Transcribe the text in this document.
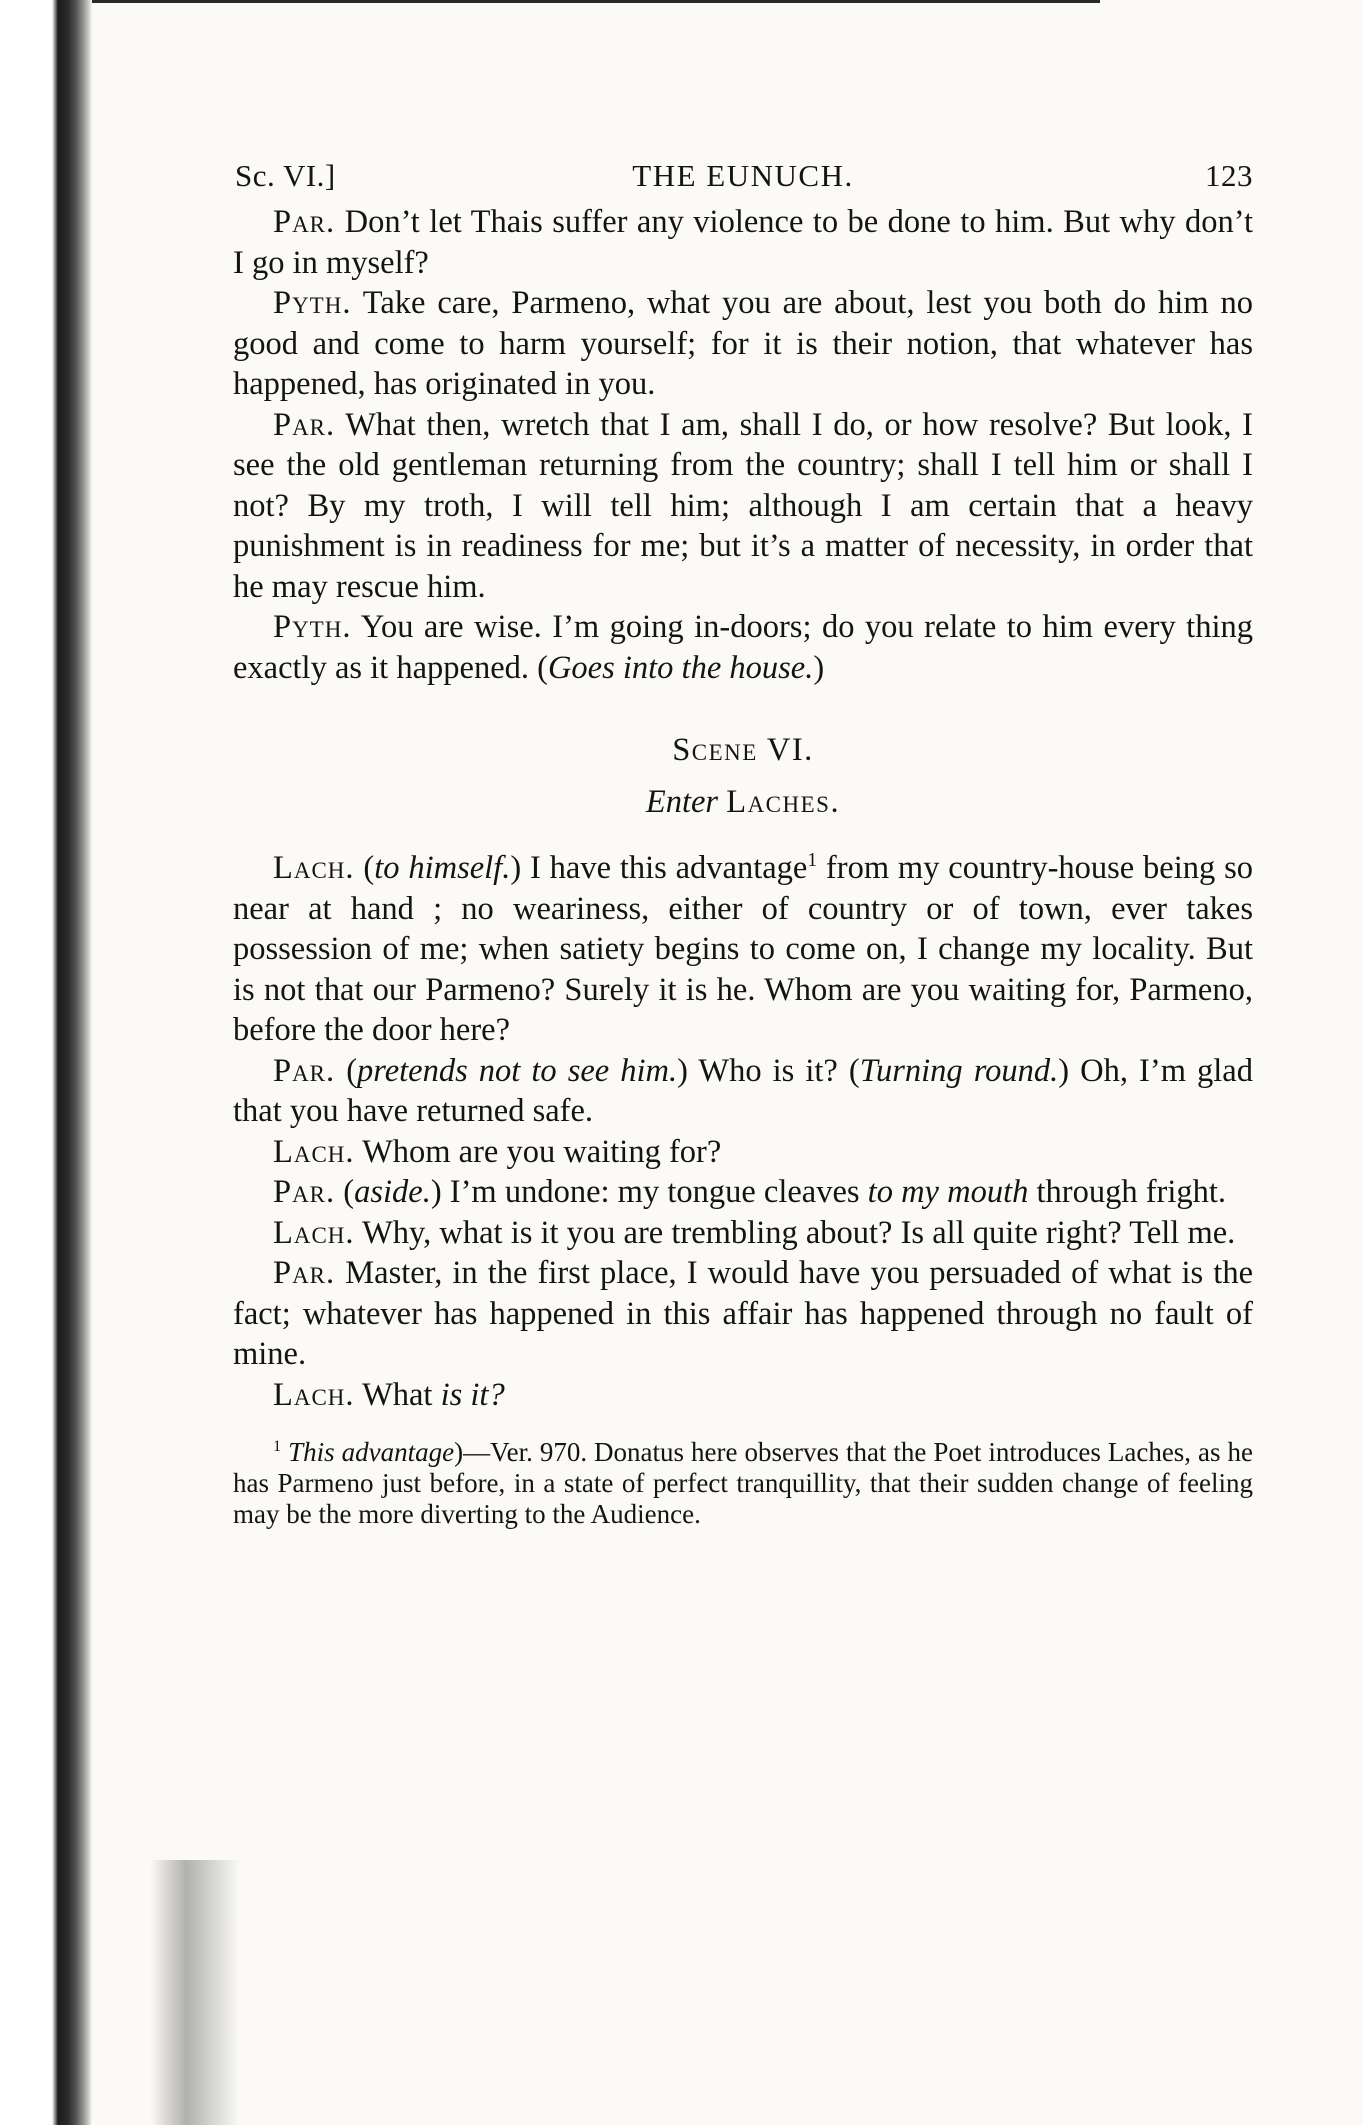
Sc. VI.]	THE EUNUCH.	123

Par. Don’t let Thais suffer any violence to be done to him. But why don’t I go in myself?

Pyth. Take care, Parmeno, what you are about, lest you both do him no good and come to harm yourself; for it is their notion, that whatever has happened, has originated in you.

Par. What then, wretch that I am, shall I do, or how resolve? But look, I see the old gentleman returning from the country; shall I tell him or shall I not? By my troth, I will tell him; although I am certain that a heavy punishment is in readiness for me; but it’s a matter of necessity, in order that he may rescue him.

Pyth. You are wise. I’m going in-doors; do you relate to him every thing exactly as it happened. (Goes into the house.)

Scene VI.
Enter Laches.

Lach. (to himself.) I have this advantage$^1$ from my country-house being so near at hand ; no weariness, either of country or of town, ever takes possession of me; when satiety begins to come on, I change my locality. But is not that our Parmeno? Surely it is he. Whom are you waiting for, Parmeno, before the door here?

Par. (pretends not to see him.) Who is it? (Turning round.) Oh, I’m glad that you have returned safe.

Lach. Whom are you waiting for?

Par. (aside.) I’m undone: my tongue cleaves to my mouth through fright.

Lach. Why, what is it you are trembling about? Is all quite right? Tell me.

Par. Master, in the first place, I would have you persuaded of what is the fact; whatever has happened in this affair has happened through no fault of mine.

Lach. What is it?

$^1$ This advantage)—Ver. 970. Donatus here observes that the Poet introduces Laches, as he has Parmeno just before, in a state of perfect tranquillity, that their sudden change of feeling may be the more diverting to the Audience.
